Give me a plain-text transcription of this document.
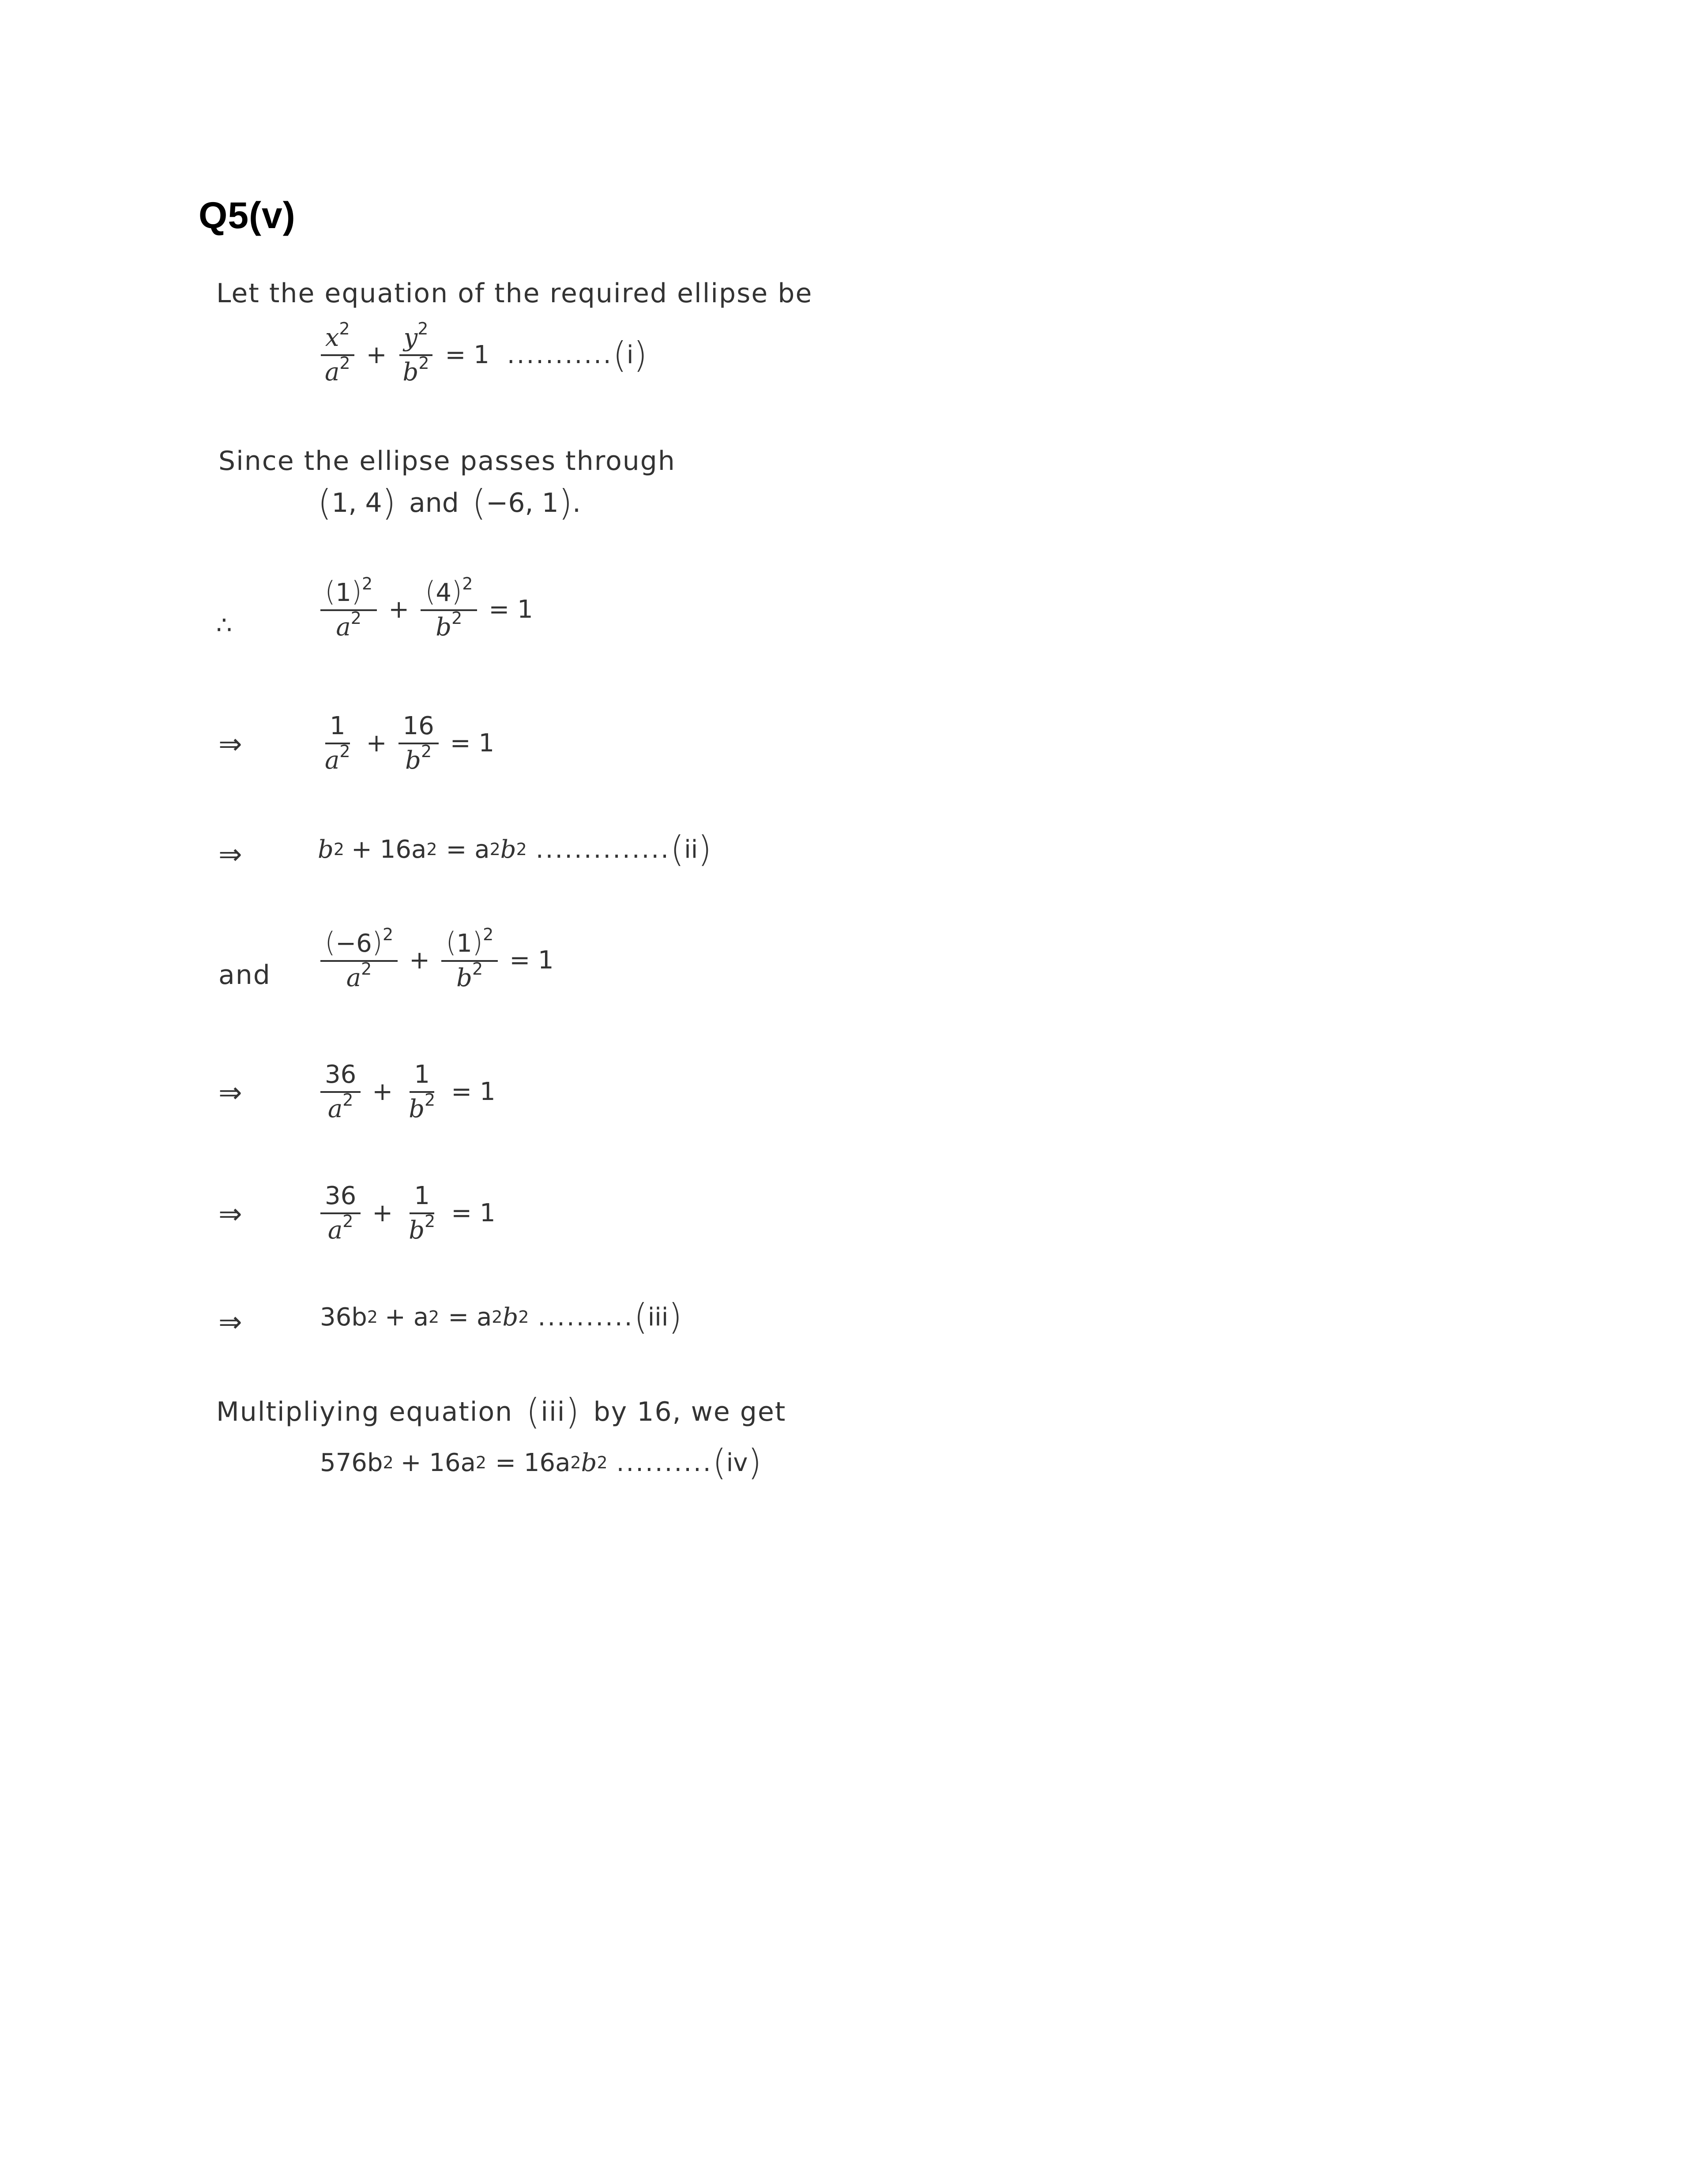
Q5(v)
Let the equation of the required ellipse be
$\frac{x^2}{a^2} + \frac{y^2}{b^2} = 1$ ........... ( i )
Since the ellipse passes through
( 1, 4 ) and ( −6, 1 ) .
∴	$\frac{(1)^2}{a^2} + \frac{(4)^2}{b^2} = 1$
⇒	$\frac{1}{a^2} + \frac{16}{b^2} = 1$
⇒	b 2 + 16a 2 = a 2 b 2 .............. ( ii )
and $\frac{(-6)^2}{a^2} + \frac{(1)^2}{b^2} = 1$
⇒	$\frac{36}{a^2} + \frac{1}{b^2} = 1$
⇒	$\frac{36}{a^2} + \frac{1}{b^2} = 1$
⇒	36b 2 + a 2 = a 2 b 2 .......... ( iii )
Multipliying equation ( iii ) by 16, we get
576b 2 + 16a 2 = 16a 2 b 2 .......... ( iv )
